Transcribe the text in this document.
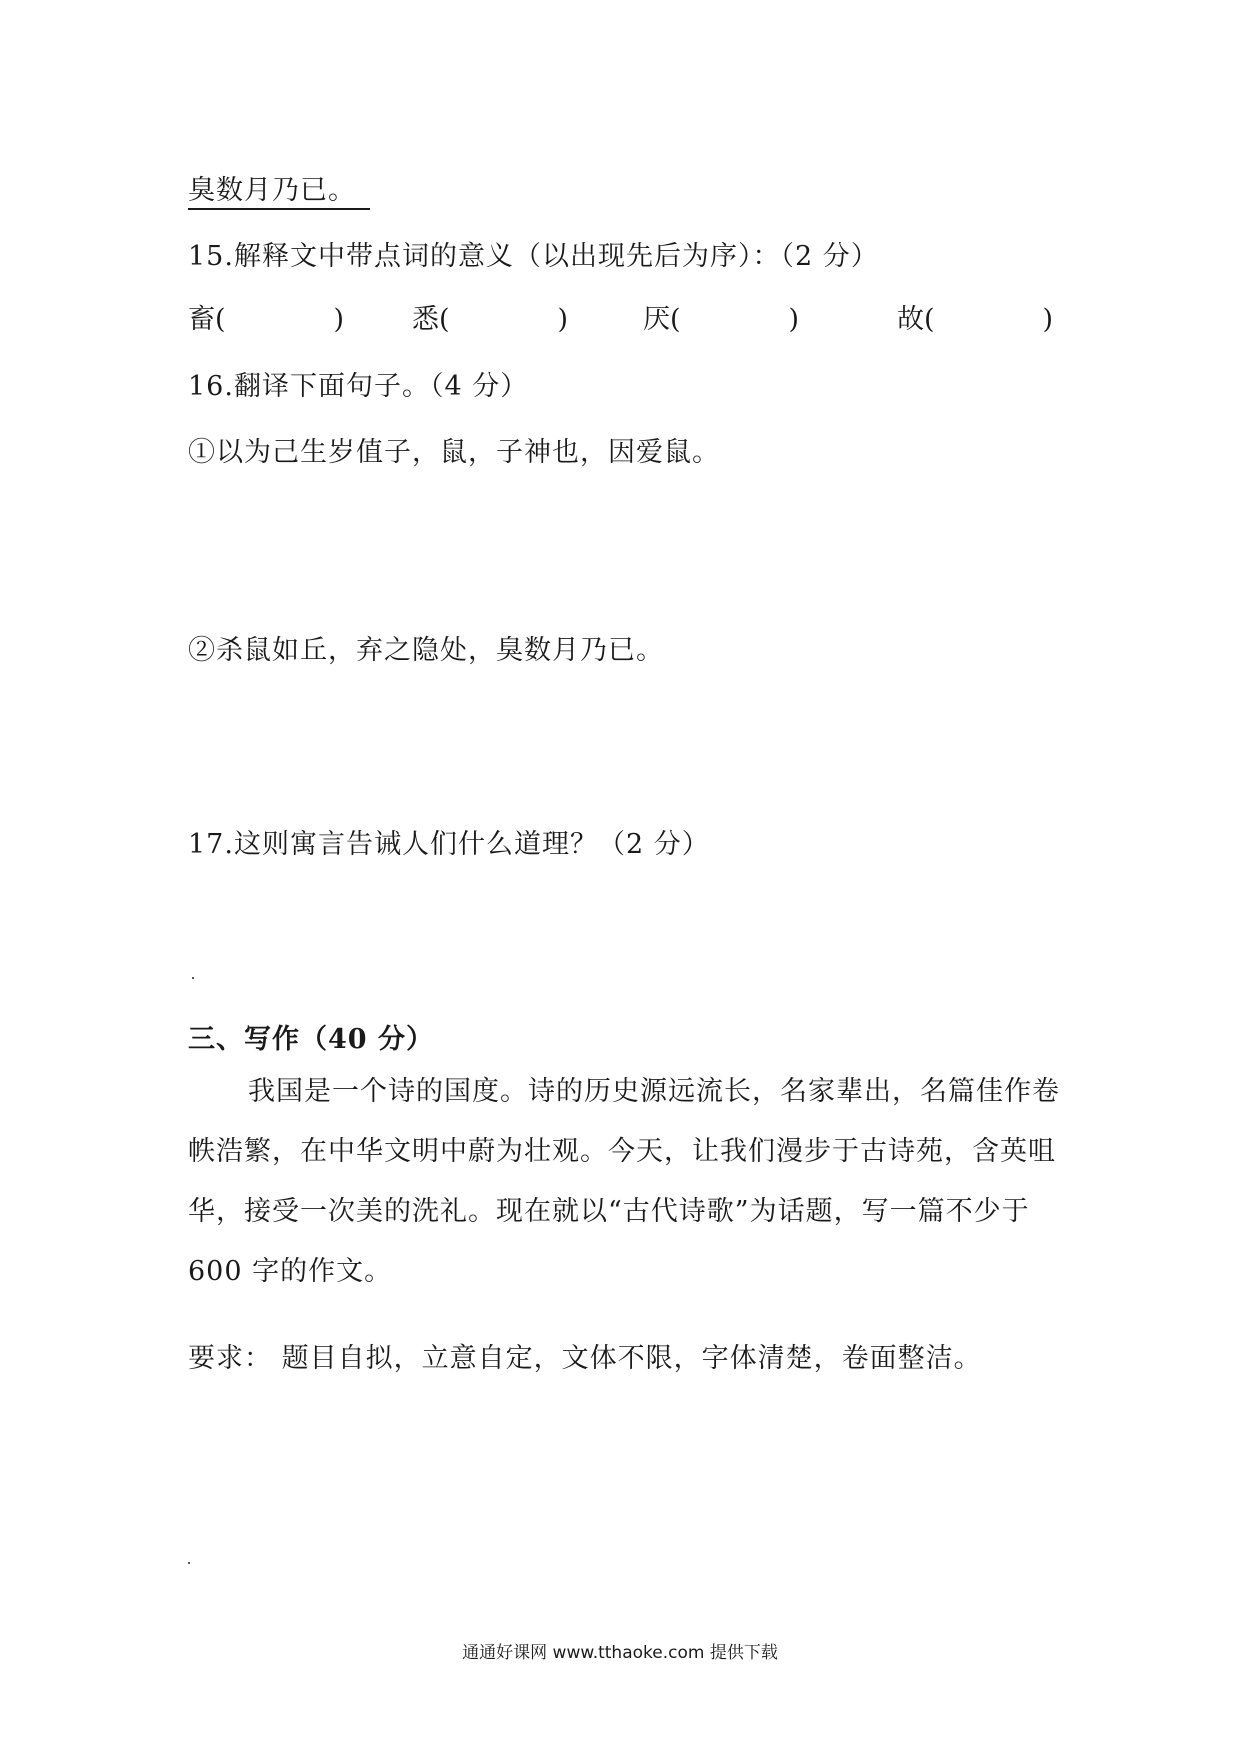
臭数月乃已。
15.解释文中带点词的意义（以出现先后为序）：（2 分）
畜(　　　　)	悉(　　　　)	厌(　　　　)	故(　　　　)
16.翻译下面句子。（4 分）
①以为己生岁值子，鼠，子神也，因爱鼠。
②杀鼠如丘，弃之隐处，臭数月乃已。
17.这则寓言告诫人们什么道理？（2 分）
三、写作（40 分）
我国是一个诗的国度。诗的历史源远流长，名家辈出，名篇佳作卷帙浩繁，在中华文明中蔚为壮观。今天，让我们漫步于古诗苑，含英咀华，接受一次美的洗礼。现在就以“古代诗歌”为话题，写一篇不少于 600 字的作文。
要求： 题目自拟，立意自定，文体不限，字体清楚，卷面整洁。
通通好课网 www.tthaoke.com 提供下载
